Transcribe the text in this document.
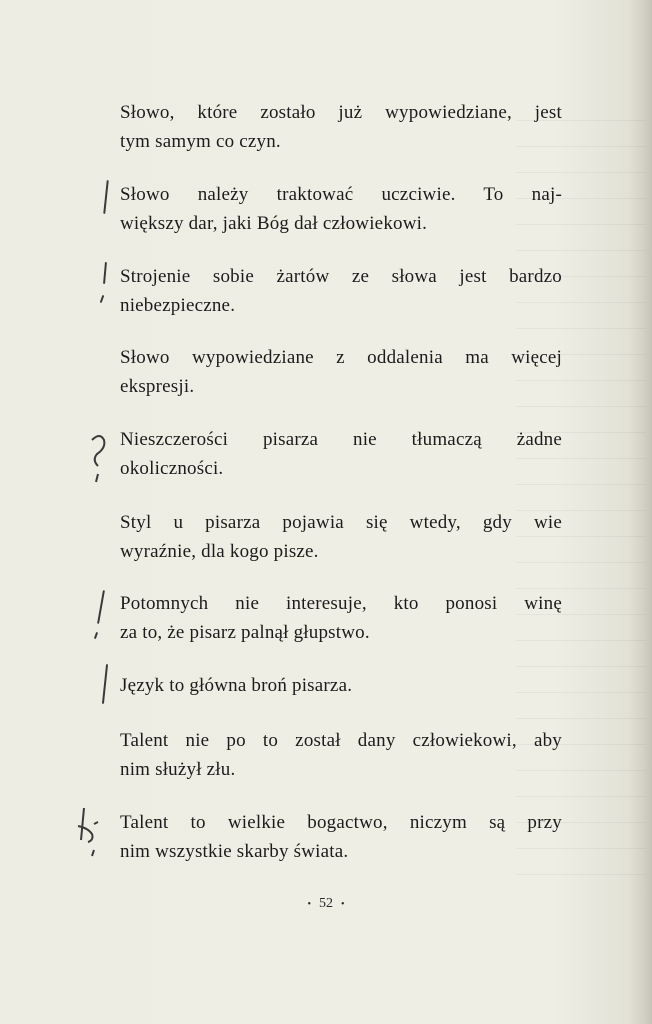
Słowo, które zostało już wypowiedziane, jest
tym samym co czyn.
Słowo należy traktować uczciwie. To naj-
większy dar, jaki Bóg dał człowiekowi.
Strojenie sobie żartów ze słowa jest bardzo
niebezpieczne.
Słowo wypowiedziane z oddalenia ma więcej
ekspresji.
Nieszczerości pisarza nie tłumaczą żadne
okoliczności.
Styl u pisarza pojawia się wtedy, gdy wie
wyraźnie, dla kogo pisze.
Potomnych nie interesuje, kto ponosi winę
za to, że pisarz palnął głupstwo.
Język to główna broń pisarza.
Talent nie po to został dany człowiekowi, aby
nim służył złu.
Talent to wielkie bogactwo, niczym są przy
nim wszystkie skarby świata.
• 52 •
